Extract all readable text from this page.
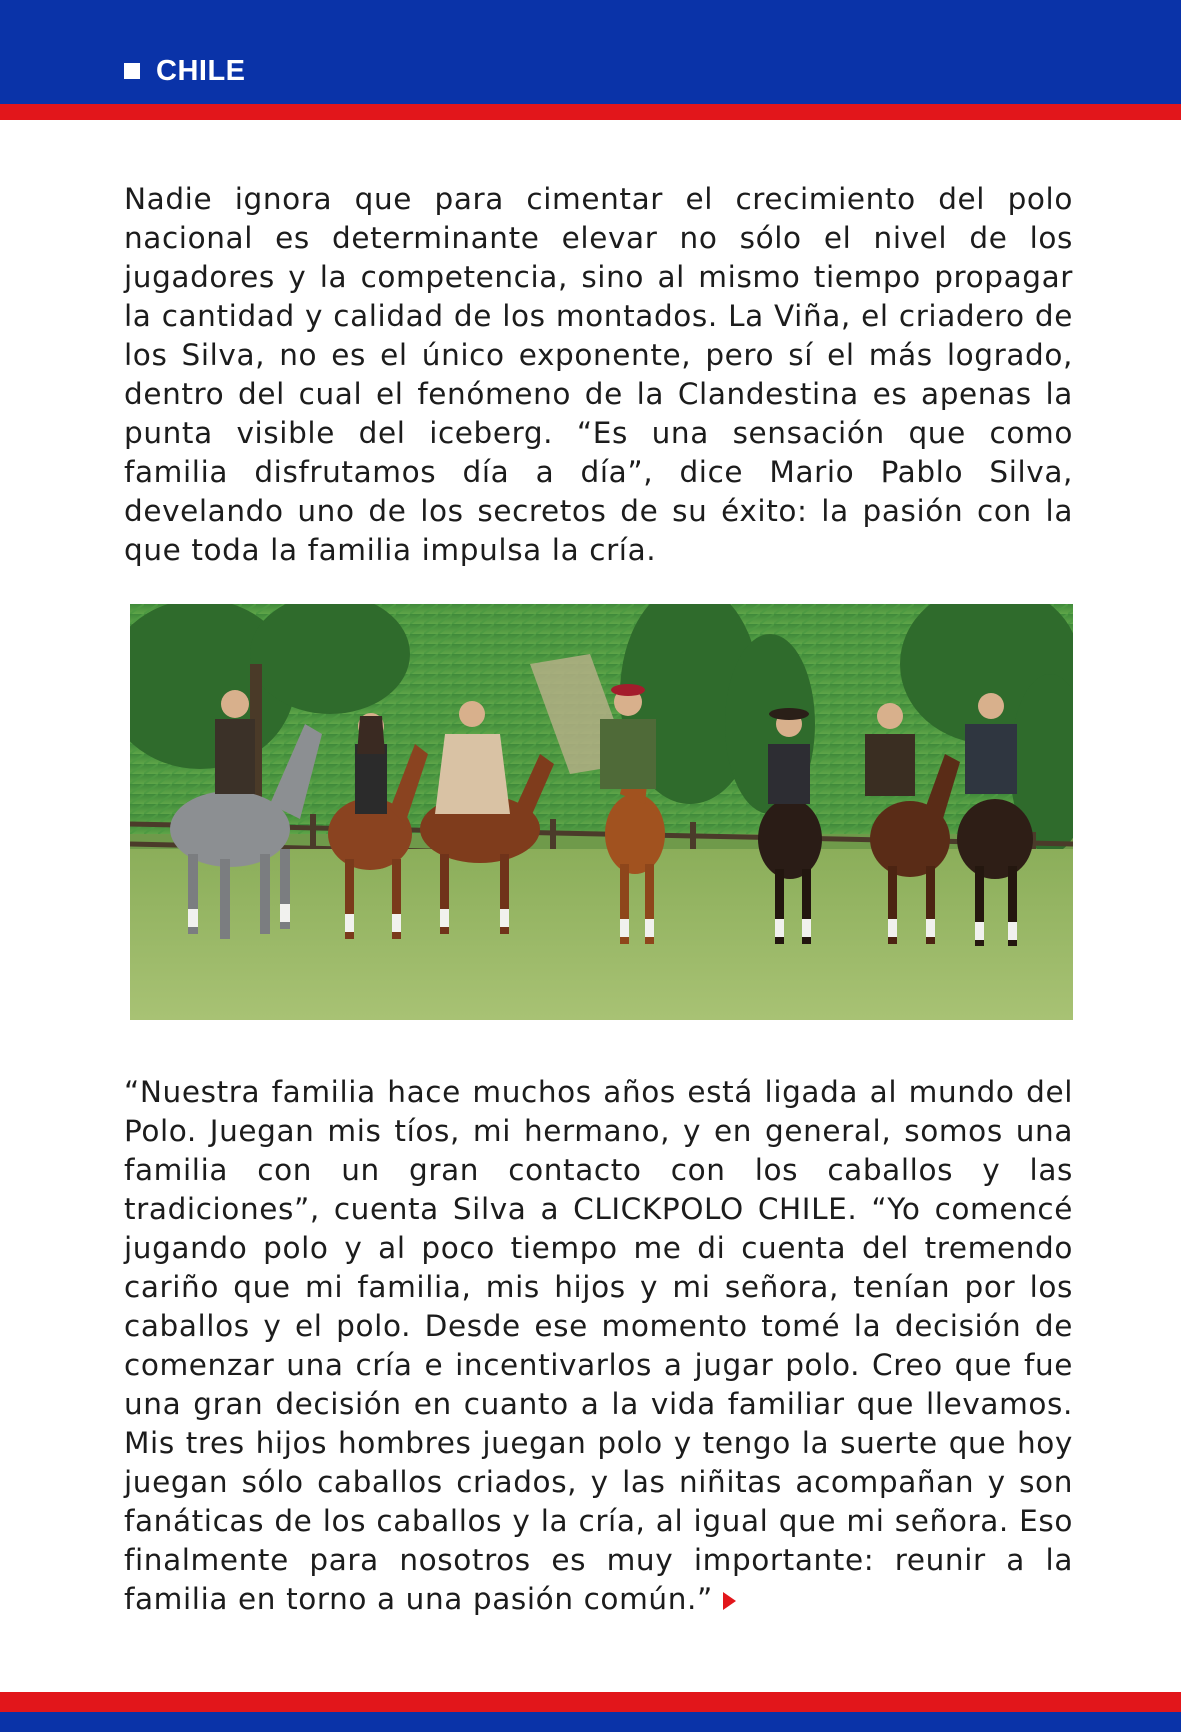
CHILE
Nadie ignora que para cimentar el crecimiento del polo nacional es determinante elevar no sólo el nivel de los jugadores y la competencia, sino al mismo tiempo propagar la cantidad y calidad de los montados. La Viña, el criadero de los Silva, no es el único exponente, pero sí el más logrado, dentro del cual el fenómeno de la Clandestina es apenas la punta visible del iceberg. “Es una sensación que como familia disfrutamos día a día”, dice Mario Pablo Silva, develando uno de los secretos de su éxito: la pasión con la que toda la familia impulsa la cría.
“Nuestra familia hace muchos años está ligada al mundo del Polo. Juegan mis tíos, mi hermano, y en general, somos una familia con un gran contacto con los caballos y las tradiciones”, cuenta Silva a CLICKPOLO CHILE. “Yo comencé jugando polo y al poco tiempo me di cuenta del tremendo cariño que mi familia, mis hijos y mi señora, tenían por los caballos y el polo. Desde ese momento tomé la decisión de comenzar una cría e incentivarlos a jugar polo. Creo que fue una gran decisión en cuanto a la vida familiar que llevamos. Mis tres hijos hombres juegan polo y tengo la suerte que hoy juegan sólo caballos criados, y las niñitas acompañan y son fanáticas de los caballos y la cría, al igual que mi señora. Eso finalmente para nosotros es muy importante: reunir a la familia en torno a una pasión común.”
